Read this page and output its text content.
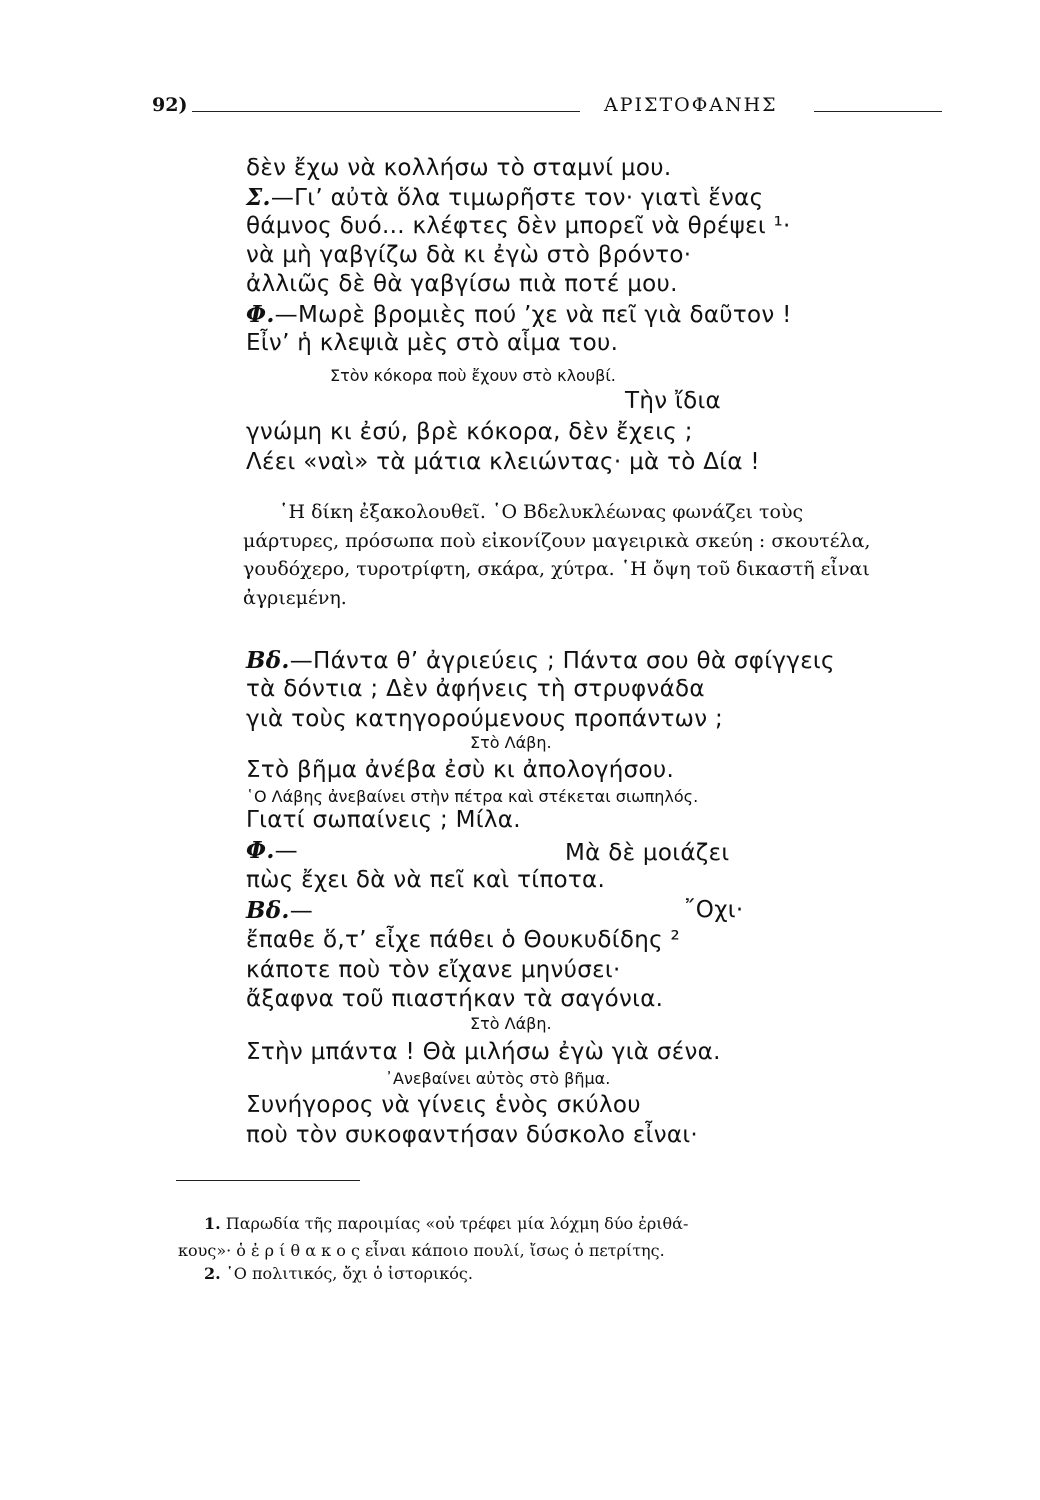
92)	ΑΡΙΣΤΟΦΑΝΗΣ
δὲν ἔχω νὰ κολλήσω τὸ σταμνί μου.
Σ.—Γι’ αὐτὰ ὅλα τιμωρῆστε τον· γιατὶ ἕνας
θάμνος δυό... κλέφτες δὲν μπορεῖ νὰ θρέψει ¹·
νὰ μὴ γαβγίζω δὰ κι ἐγὼ στὸ βρόντο·
ἀλλιῶς δὲ θὰ γαβγίσω πιὰ ποτέ μου.
Φ.—Μωρὲ βρομιὲς πού ’χε νὰ πεῖ γιὰ δαῦτον !
Εἶν’ ἡ κλεψιὰ μὲς στὸ αἷμα του.
Στὸν κόκορα ποὺ ἔχουν στὸ κλουβί.
Τὴν ἴδια
γνώμη κι ἐσύ, βρὲ κόκορα, δὲν ἔχεις ;
Λέει «ναὶ» τὰ μάτια κλειώντας· μὰ τὸ Δία !
῾Η δίκη ἐξακολουθεῖ. ῾Ο Βδελυκλέωνας φωνάζει τοὺς
μάρτυρες, πρόσωπα ποὺ εἰκονίζουν μαγειρικὰ σκεύη : σκουτέλα,
γουδόχερο, τυροτρίφτη, σκάρα, χύτρα. ῾Η ὄψη τοῦ δικαστῆ εἶναι
ἀγριεμένη.
Βδ.—Πάντα θ’ ἀγριεύεις ; Πάντα σου θὰ σφίγγεις
τὰ δόντια ; Δὲν ἀφήνεις τὴ στρυφνάδα
γιὰ τοὺς κατηγορούμενους προπάντων ;
Στὸ Λάβη.
Στὸ βῆμα ἀνέβα ἐσὺ κι ἀπολογήσου.
῾Ο Λάβης ἀνεβαίνει στὴν πέτρα καὶ στέκεται σιωπηλός.
Γιατί σωπαίνεις ; Μίλα.
Φ.—	Μὰ δὲ μοιάζει
πὼς ἔχει δὰ νὰ πεῖ καὶ τίποτα.
Βδ.—	῎Οχι·
ἔπαθε ὅ,τ’ εἶχε πάθει ὁ Θουκυδίδης ²
κάποτε ποὺ τὸν εἴχανε μηνύσει·
ἄξαφνα τοῦ πιαστήκαν τὰ σαγόνια.
Στὸ Λάβη.
Στὴν μπάντα ! Θὰ μιλήσω ἐγὼ γιὰ σένα.
᾿Ανεβαίνει αὐτὸς στὸ βῆμα.
Συνήγορος νὰ γίνεις ἑνὸς σκύλου
ποὺ τὸν συκοφαντήσαν δύσκολο εἶναι·
1. Παρωδία τῆς παροιμίας «οὐ τρέφει μία λόχμη δύο ἐριθά-
κους»· ὁ ἐ ρ ί θ α κ ο ς εἶναι κάποιο πουλί, ἴσως ὁ πετρίτης.
2. ῾Ο πολιτικός, ὄχι ὁ ἱστορικός.
